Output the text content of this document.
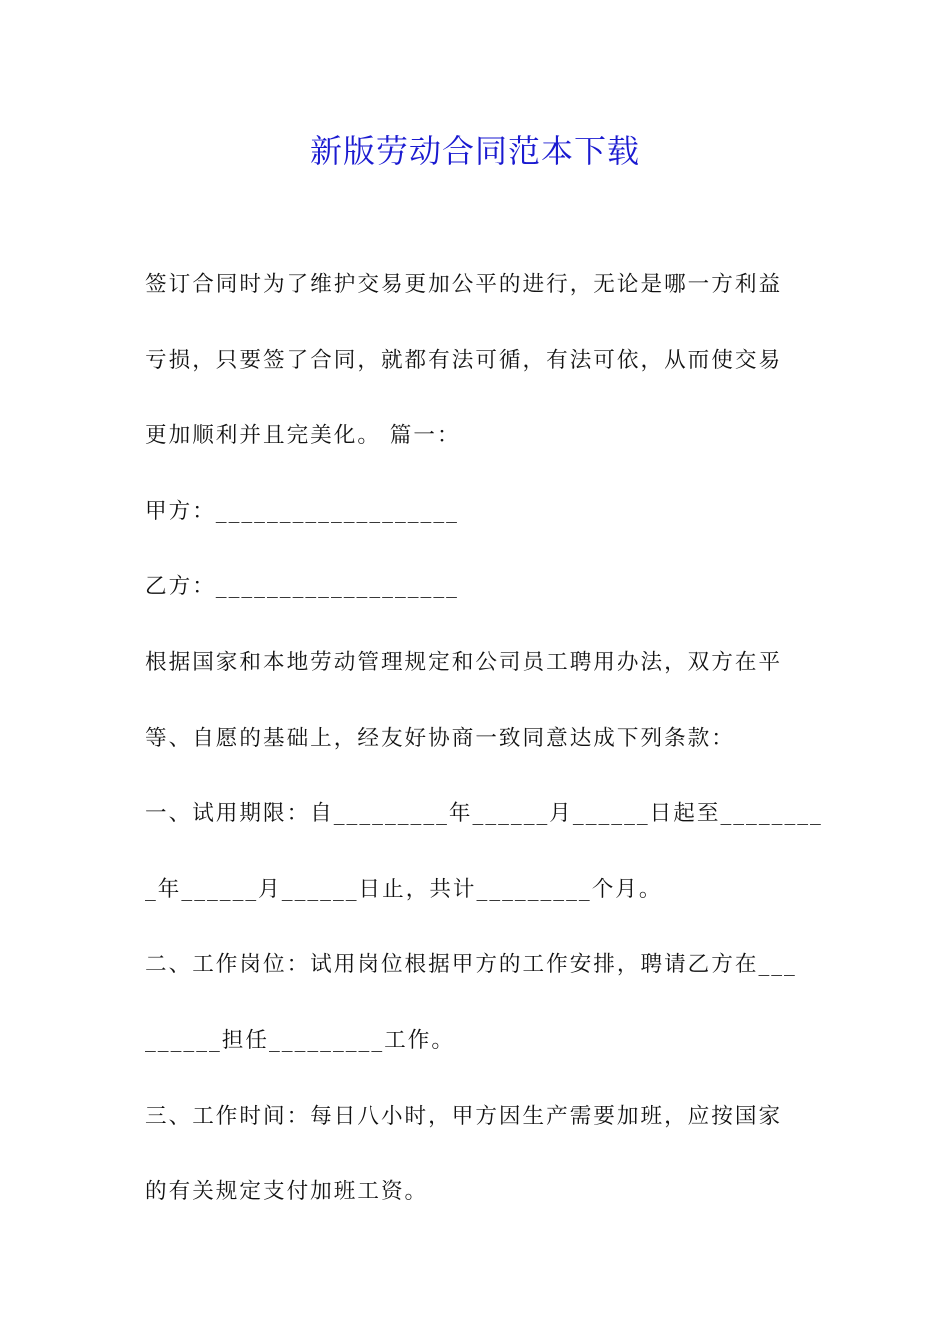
新版劳动合同范本下载
签订合同时为了维护交易更加公平的进行，无论是哪一方利益
亏损，只要签了合同，就都有法可循，有法可依，从而使交易
更加顺利并且完美化。 篇一：
甲方：___________________
乙方：___________________
根据国家和本地劳动管理规定和公司员工聘用办法，双方在平
等、自愿的基础上，经友好协商一致同意达成下列条款：
一、试用期限：自_________年______月______日起至________
_年______月______日止，共计_________个月。
二、工作岗位：试用岗位根据甲方的工作安排，聘请乙方在___
______担任_________工作。
三、工作时间：每日八小时，甲方因生产需要加班，应按国家
的有关规定支付加班工资。
